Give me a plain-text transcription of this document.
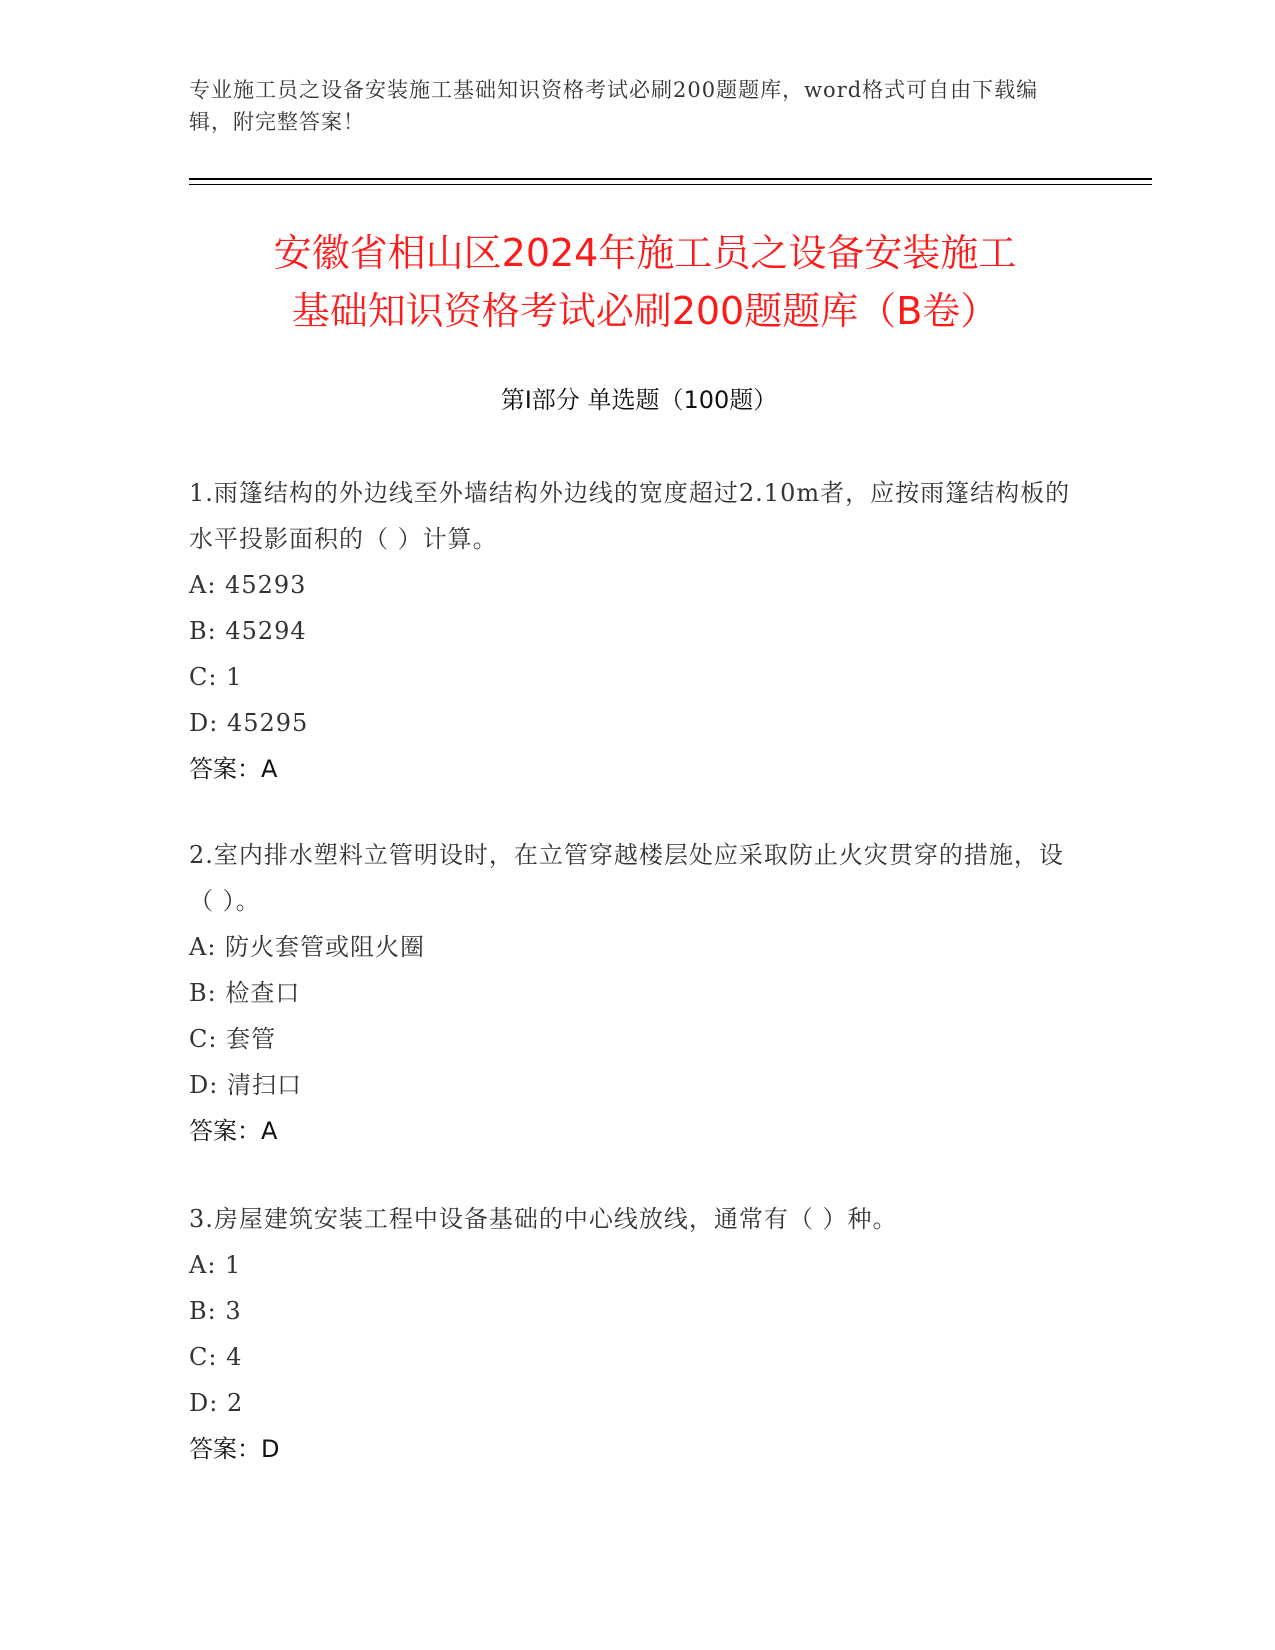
专业施工员之设备安装施工基础知识资格考试必刷200题题库，word格式可自由下载编辑，附完整答案！
安徽省相山区2024年施工员之设备安装施工
基础知识资格考试必刷200题题库（B卷）
第I部分 单选题（100题）

1.雨篷结构的外边线至外墙结构外边线的宽度超过2.10m者，应按雨篷结构板的水平投影面积的（ ）计算。

A: 45293

B: 45294

C: 1

D: 45295

答案：A

2.室内排水塑料立管明设时，在立管穿越楼层处应采取防止火灾贯穿的措施，设（ ）。

A: 防火套管或阻火圈

B: 检查口

C: 套管

D: 清扫口

答案：A

3.房屋建筑安装工程中设备基础的中心线放线，通常有（ ）种。

A: 1

B: 3

C: 4

D: 2

答案：D
